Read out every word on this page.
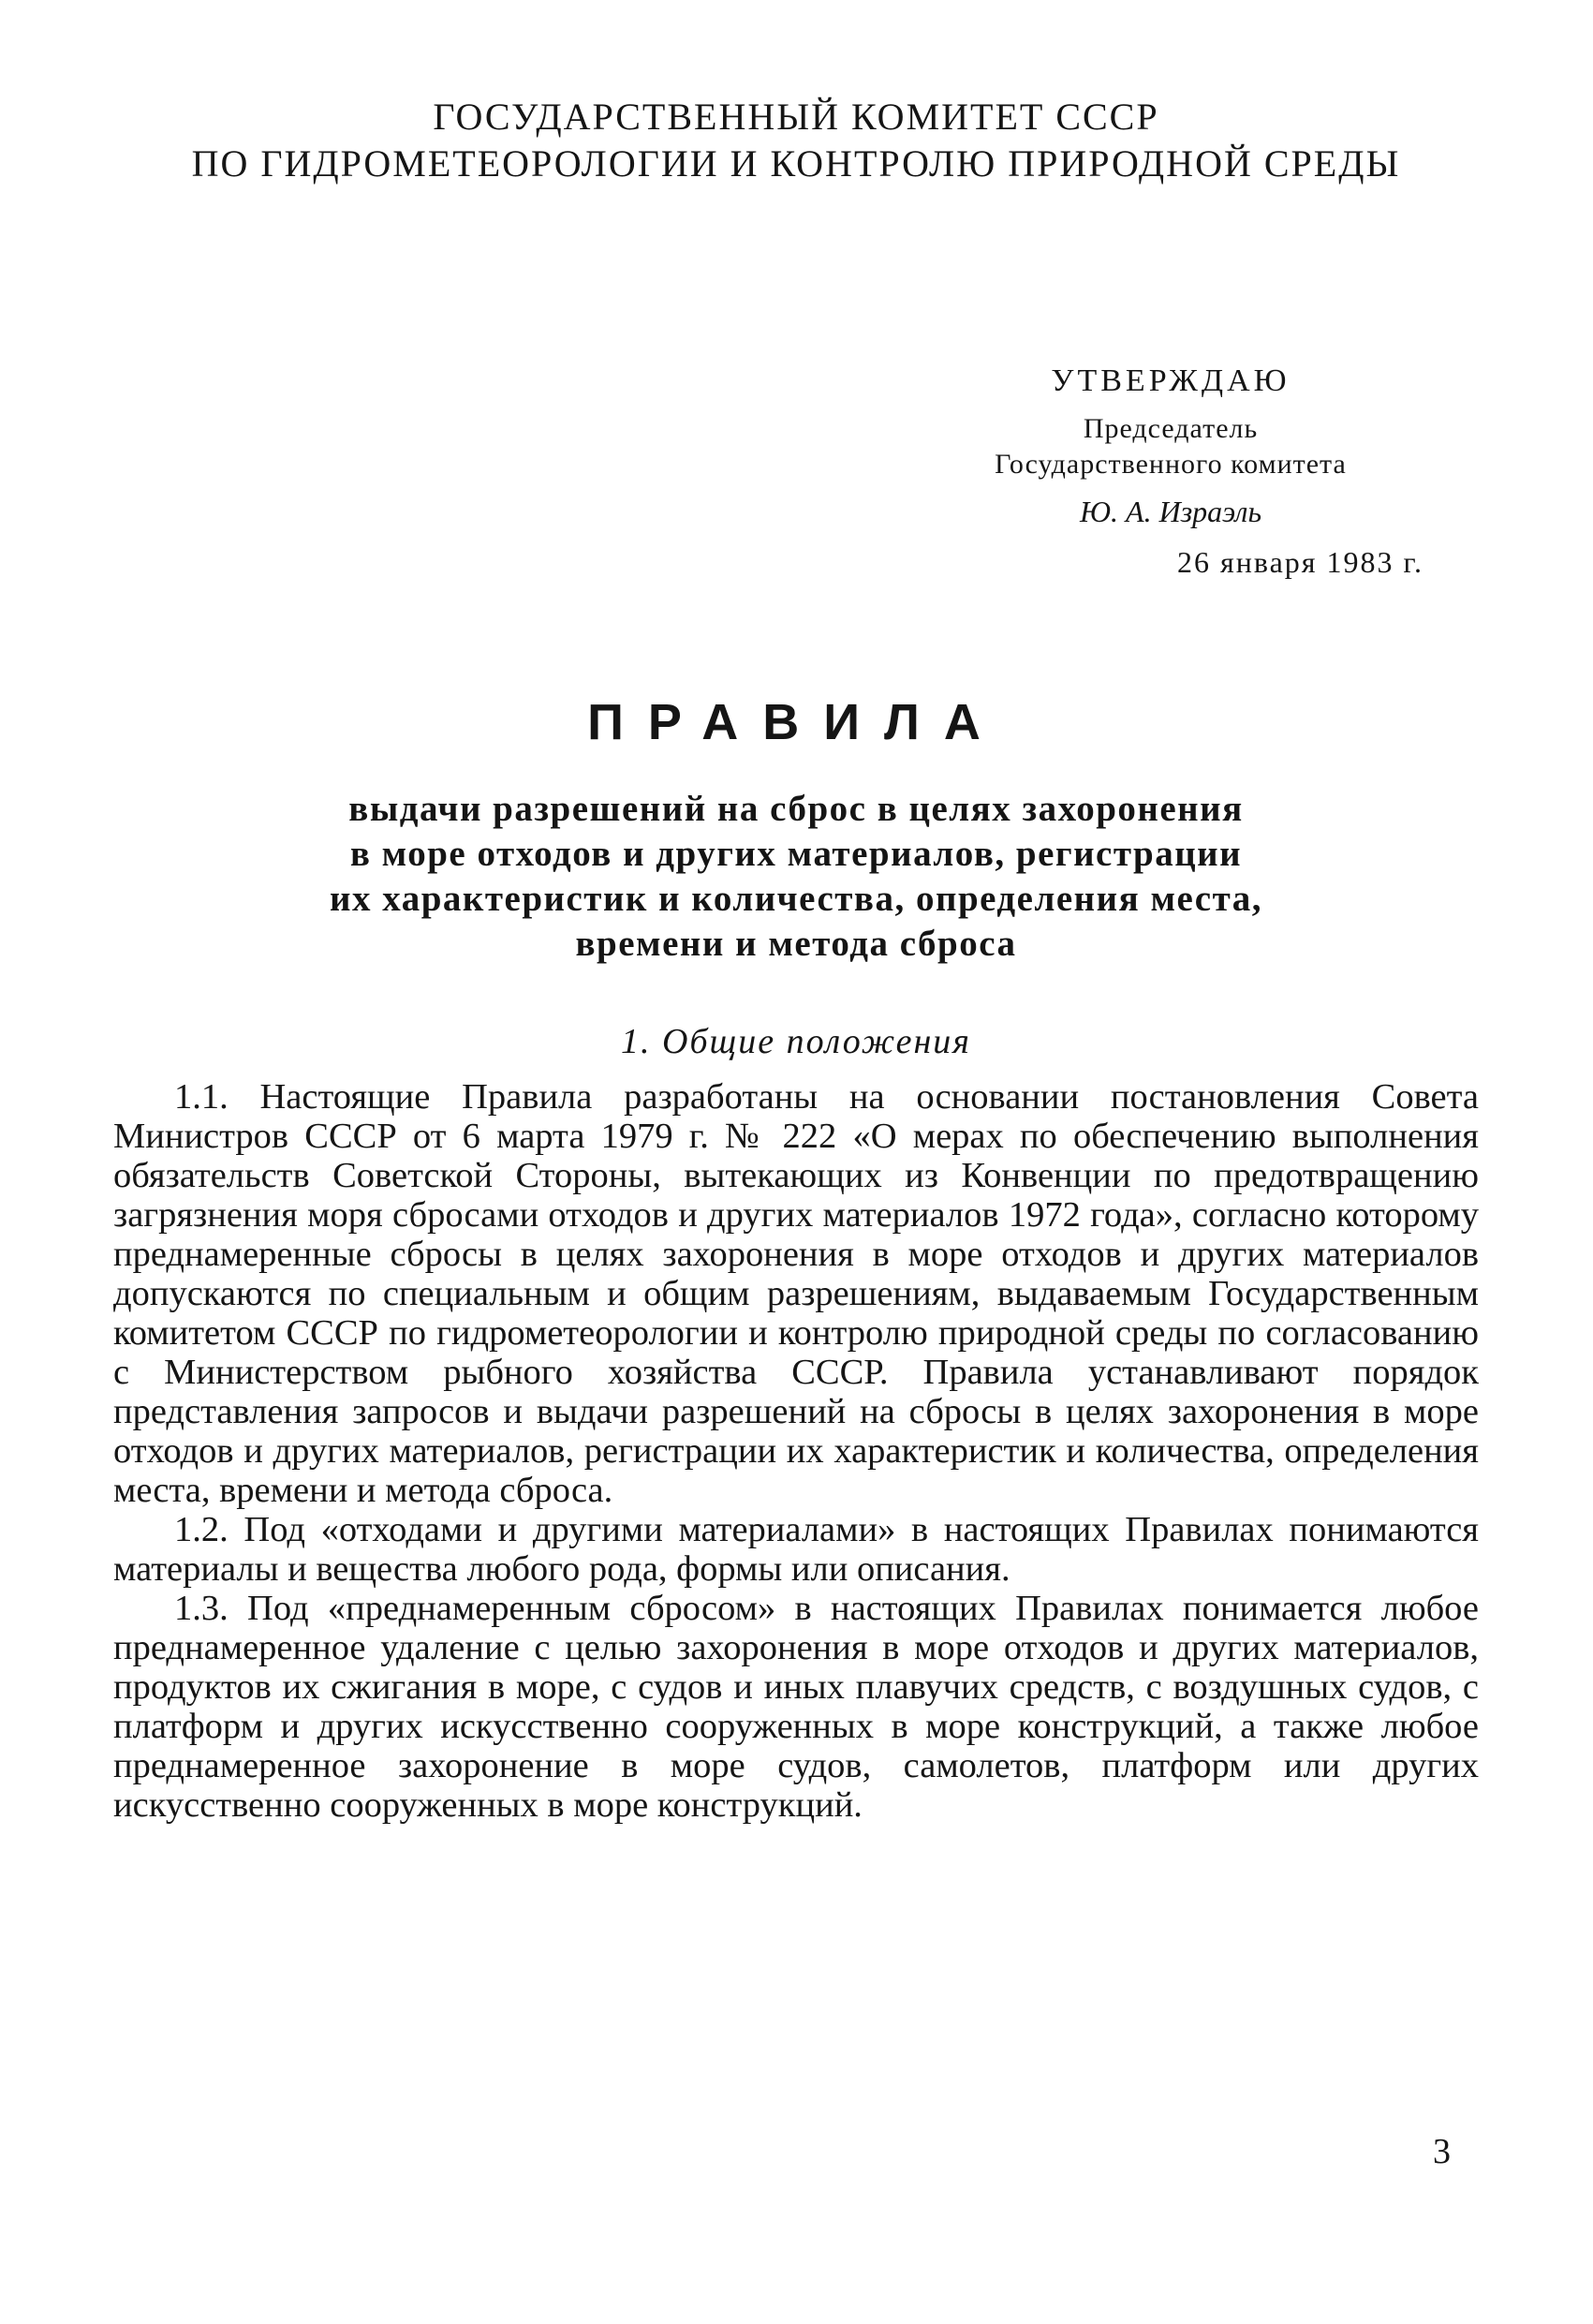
ГОСУДАРСТВЕННЫЙ КОМИТЕТ СССР
ПО ГИДРОМЕТЕОРОЛОГИИ И КОНТРОЛЮ ПРИРОДНОЙ СРЕДЫ
УТВЕРЖДАЮ
Председатель
Государственного комитета
Ю. А. Израэль
26 января 1983 г.
ПРАВИЛА
выдачи разрешений на сброс в целях захоронения
в море отходов и других материалов, регистрации
их характеристик и количества, определения места,
времени и метода сброса
1. Общие положения

1.1. Настоящие Правила разработаны на основании постановления Совета Министров СССР от 6 марта 1979 г. № 222 «О мерах по обеспечению выполнения обязательств Советской Стороны, вытекающих из Конвенции по предотвращению загрязнения моря сбросами отходов и других материалов 1972 года», согласно которому преднамеренные сбросы в целях захоронения в море отходов и других материалов допускаются по специальным и общим разрешениям, выдаваемым Государственным комитетом СССР по гидрометеорологии и контролю природной среды по согласованию с Министерством рыбного хозяйства СССР. Правила устанавливают порядок представления запросов и выдачи разрешений на сбросы в целях захоронения в море отходов и других материалов, регистрации их характеристик и количества, определения места, времени и метода сброса.

1.2. Под «отходами и другими материалами» в настоящих Правилах понимаются материалы и вещества любого рода, формы или описания.

1.3. Под «преднамеренным сбросом» в настоящих Правилах понимается любое преднамеренное удаление с целью захоронения в море отходов и других материалов, продуктов их сжигания в море, с судов и иных плавучих средств, с воздушных судов, с платформ и других искусственно сооруженных в море конструкций, а также любое преднамеренное захоронение в море судов, самолетов, платформ или других искусственно сооруженных в море конструкций.

3
